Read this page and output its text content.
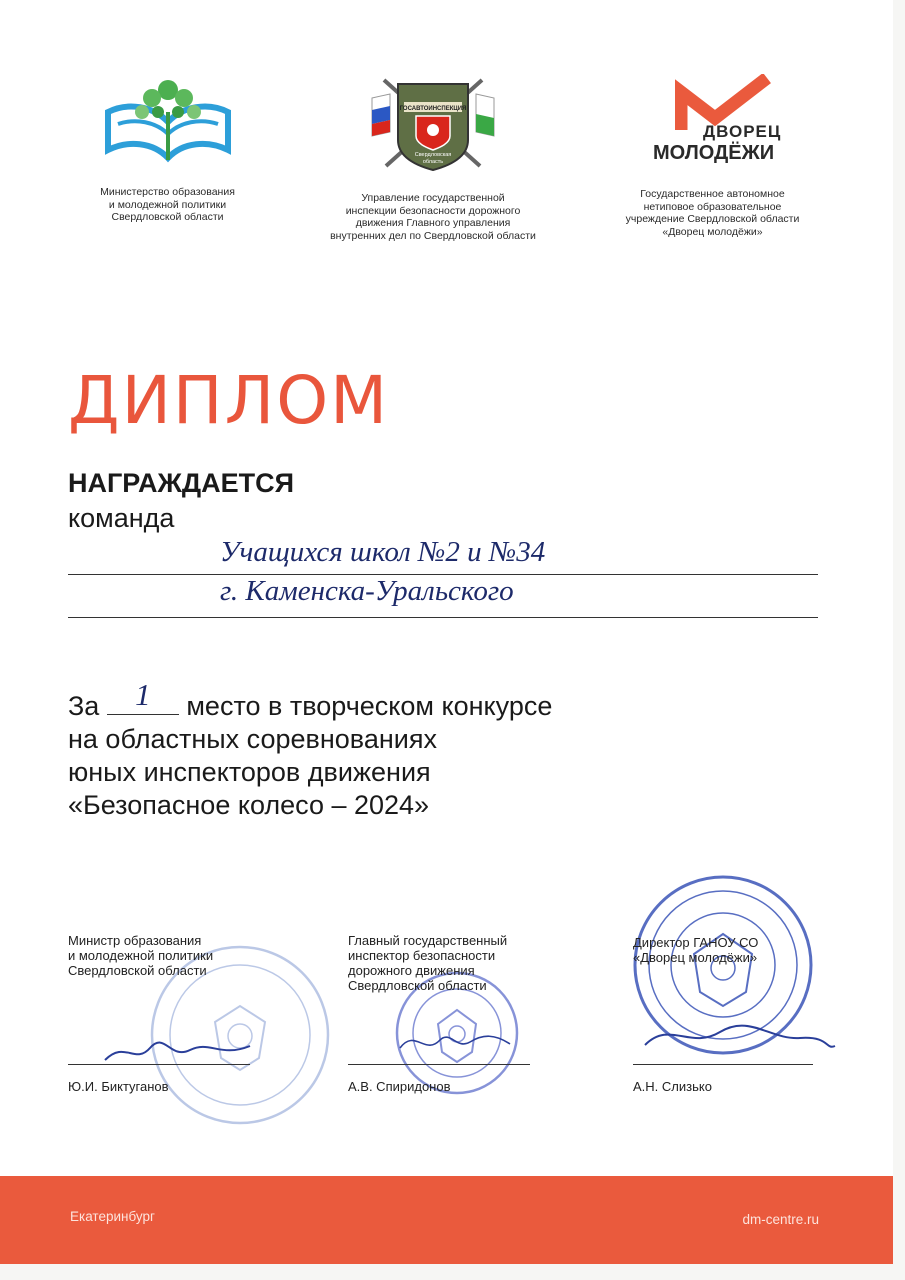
Министерство образования
и молодежной политики
Свердловской области
ГОСАВТОИНСПЕКЦИЯ
Свердловская
область
Управление государственной
инспекции безопасности дорожного
движения Главного управления
внутренних дел по Свердловской области
ДВОРЕЦ
МОЛОДЁЖИ
Государственное автономное
нетиповое образовательное
учреждение Свердловской области
«Дворец молодёжи»
ДИПЛОМ
НАГРАЖДАЕТСЯ
команда
Учащихся школ №2 и №34
г. Каменска-Уральского
За	1	место в творческом конкурсе
на областных соревнованиях
юных инспекторов движения
«Безопасное колесо – 2024»
Министр образования
и молодежной политики
Свердловской области
Ю.И. Биктуганов
Главный государственный
инспектор безопасности
дорожного движения
Свердловской области
А.В. Спиридонов
Директор ГАНОУ СО
«Дворец молодёжи»
А.Н. Слизько
Екатеринбург	dm-centre.ru
